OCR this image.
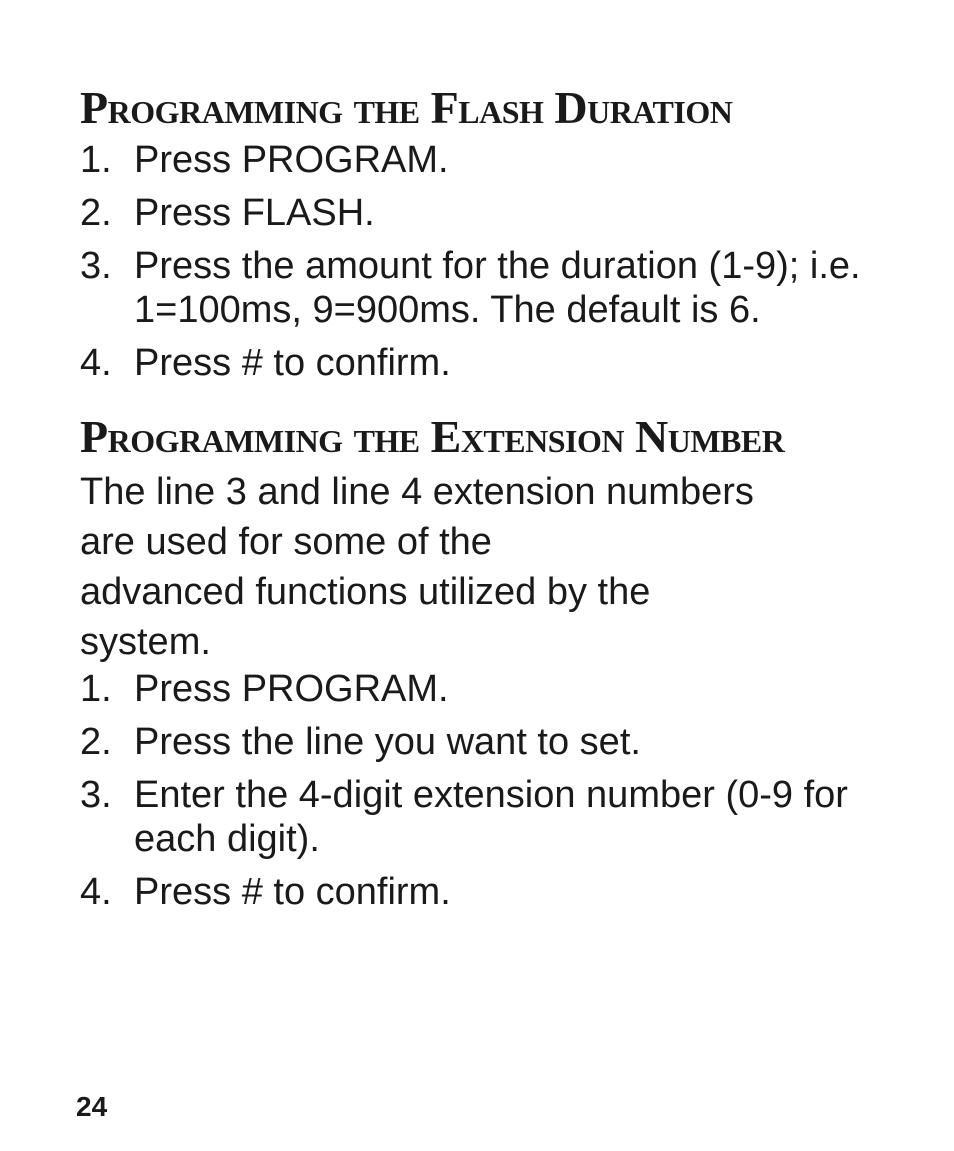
Programming the Flash Duration
1. Press PROGRAM.
2. Press FLASH.
3. Press the amount for the duration (1-9); i.e. 1=100ms, 9=900ms. The default is 6.
4. Press # to confirm.
Programming the Extension Number

The line 3 and line 4 extension numbers
are used for some of the
advanced functions utilized by the
system.

1. Press PROGRAM.
2. Press the line you want to set.
3. Enter the 4-digit extension number (0-9 for each digit).
4. Press # to confirm.
24
